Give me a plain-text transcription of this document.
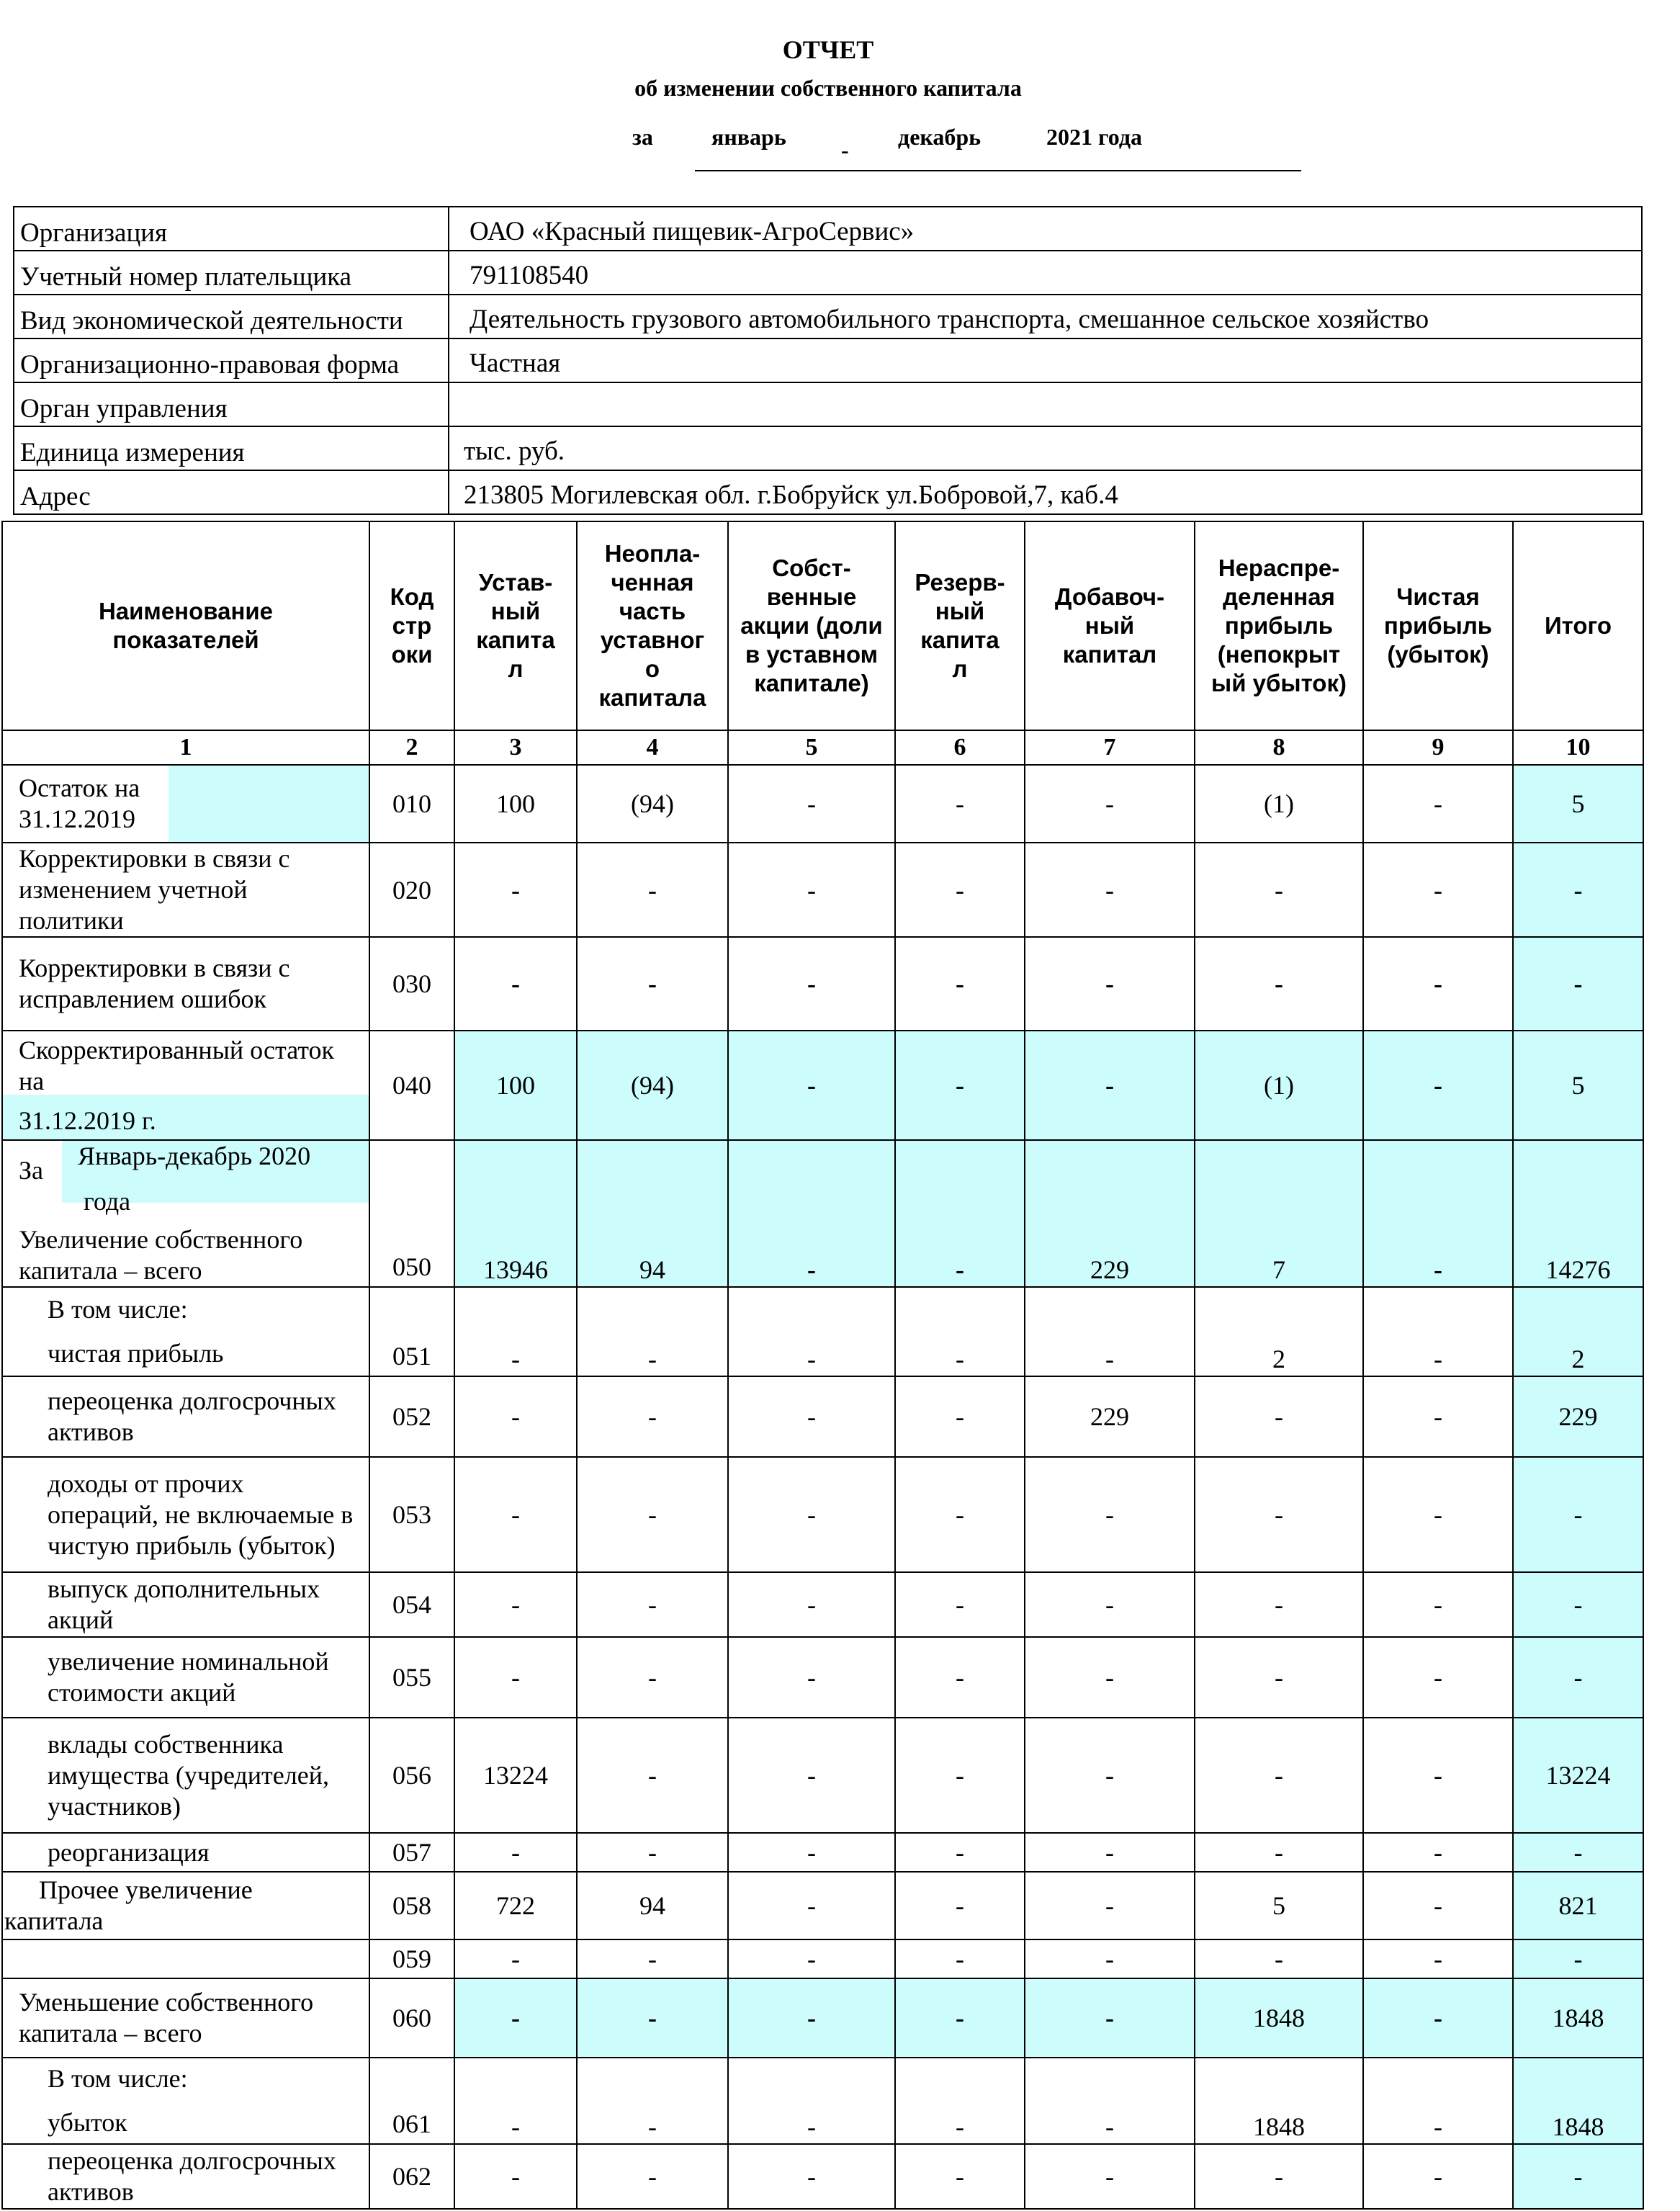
ОТЧЕТ
об изменении собственного капитала
за	январь - декабрь	2021 года
Организация	ОАО «Красный пищевик-АгроСервис»
Учетный номер плательщика	791108540
Вид экономической деятельности	Деятельность грузового автомобильного транспорта, смешанное сельское хозяйство
Организационно-правовая форма	Частная
Орган управления	
Единица измерения	тыс. руб.
Адрес	213805 Могилевская обл. г.Бобруйск ул.Бобровой,7, каб.4
Наименование показателей	Код стр оки	Устав-ный капита л	Неопла-ченная часть уставног о капитала	Собст-венные акции (доли в уставном капитале)	Резерв-ный капита л	Добавоч-ный капитал	Нераспре-деленная прибыль (непокрыт ый убыток)	Чистая прибыль (убыток)	Итого
1	2	3	4	5	6	7	8	9	10

Остаток на
31.12.2019	010	100	(94)	-	-	-	(1)	-	5

Корректировки в связи с
изменением учетной
политики	020	-	-	-	-	-	-	-	-

Корректировки в связи с
исправлением ошибок	030	-	-	-	-	-	-	-	-

Скорректированный остаток
на
31.12.2019 г.	040	100	(94)	-	-	-	(1)	-	5

За Январь-декабрь 2020
года
Увеличение собственного
капитала – всего	050	13946	94	-	-	229	7	-	14276

В том числе:
чистая прибыль	051	-	-	-	-	-	2	-	2

переоценка долгосрочных
активов	052	-	-	-	-	229	-	-	229

доходы от прочих
операций, не включаемые в
чистую прибыль (убыток)	053	-	-	-	-	-	-	-	-

выпуск дополнительных
акций	054	-	-	-	-	-	-	-	-

увеличение номинальной
стоимости акций	055	-	-	-	-	-	-	-	-

вклады собственника
имущества (учредителей,
участников)	056	13224	-	-	-	-	-	-	13224

реорганизация	057	-	-	-	-	-	-	-	-

Прочее увеличение
капитала	058	722	94	-	-	-	5	-	821

	059	-	-	-	-	-	-	-	-

Уменьшение собственного
капитала – всего	060	-	-	-	-	-	1848	-	1848

В том числе:
убыток	061	-	-	-	-	-	1848	-	1848

переоценка долгосрочных
активов	062	-	-	-	-	-	-	-	-
